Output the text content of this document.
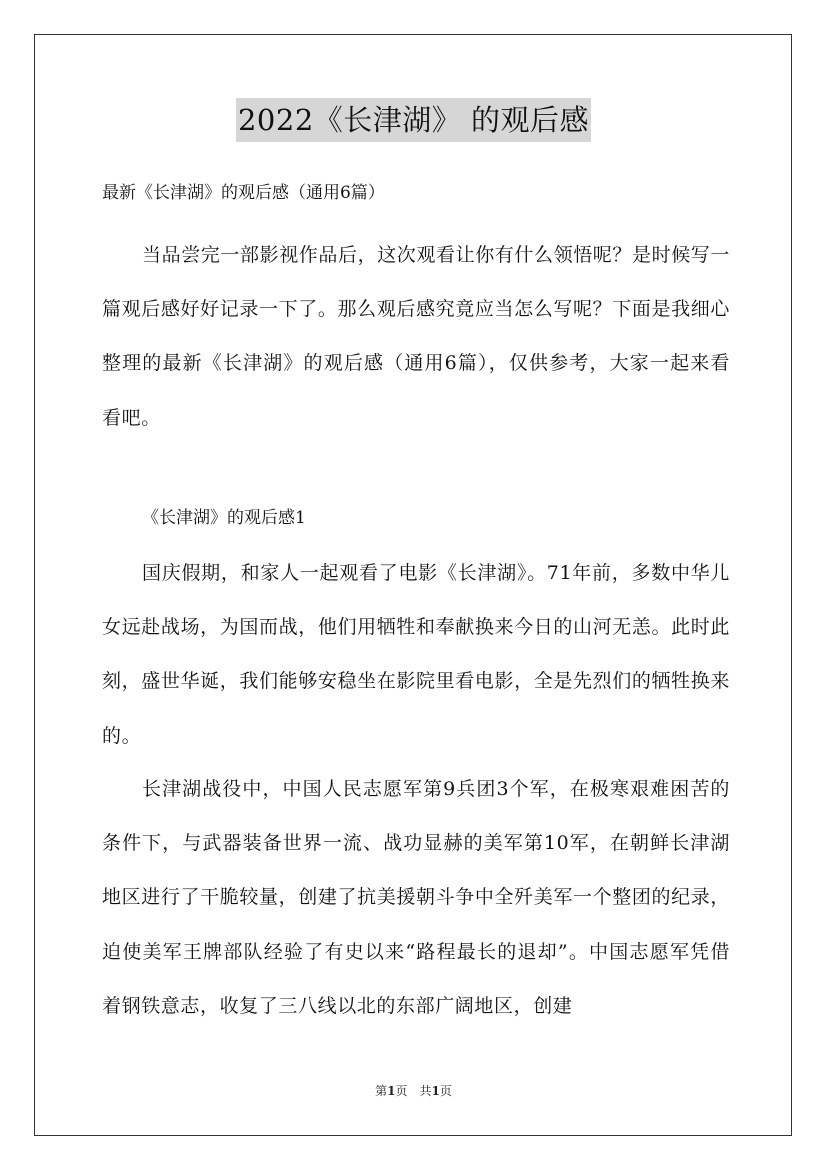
2022《长津湖》 的观后感
最新《长津湖》的观后感（通用6篇）

当品尝完一部影视作品后，这次观看让你有什么领悟呢？是时候写一篇观后感好好记录一下了。那么观后感究竟应当怎么写呢？下面是我细心整理的最新《长津湖》的观后感（通用6篇），仅供参考，大家一起来看看吧。

《长津湖》的观后感1

国庆假期，和家人一起观看了电影《长津湖》。71年前，多数中华儿女远赴战场，为国而战，他们用牺牲和奉献换来今日的山河无恙。此时此刻，盛世华诞，我们能够安稳坐在影院里看电影，全是先烈们的牺牲换来的。

长津湖战役中，中国人民志愿军第9兵团3个军，在极寒艰难困苦的条件下，与武器装备世界一流、战功显赫的美军第10军，在朝鲜长津湖地区进行了干脆较量，创建了抗美援朝斗争中全歼美军一个整团的纪录，迫使美军王牌部队经验了有史以来“路程最长的退却”。中国志愿军凭借着钢铁意志，收复了三八线以北的东部广阔地区，创建

第1页　共1页
